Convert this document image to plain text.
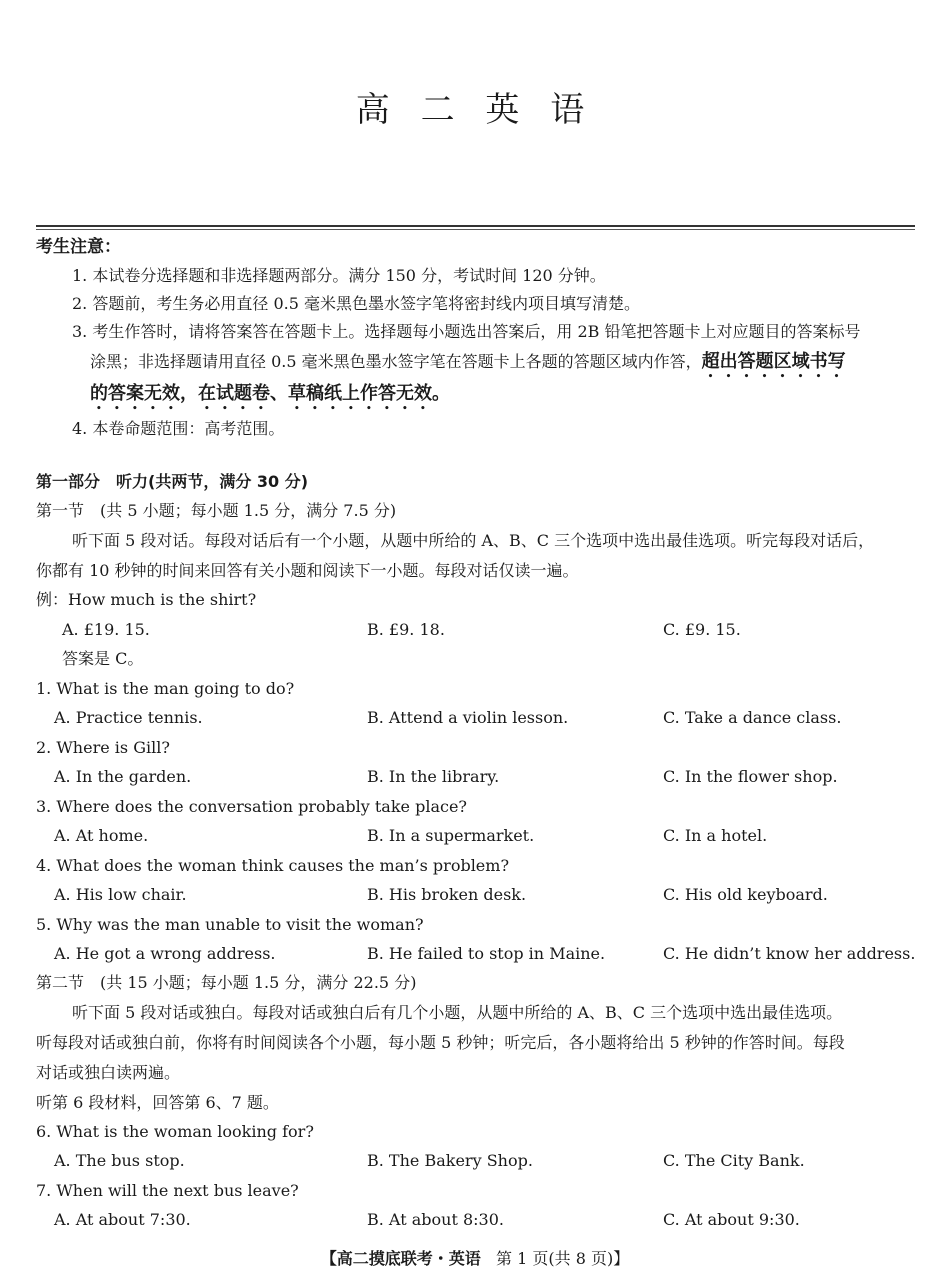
高 二 英 语
考生注意：
1. 本试卷分选择题和非选择题两部分。满分 150 分，考试时间 120 分钟。
2. 答题前，考生务必用直径 0.5 毫米黑色墨水签字笔将密封线内项目填写清楚。
3. 考生作答时，请将答案答在答题卡上。选择题每小题选出答案后，用 2B 铅笔把答题卡上对应题目的答案标号
涂黑；非选择题请用直径 0.5 毫米黑色墨水签字笔在答题卡上各题的答题区域内作答，超出答题区域书写
的答案无效，在试题卷、草稿纸上作答无效。
4. 本卷命题范围：高考范围。
第一部分　听力(共两节，满分 30 分)
第一节　(共 5 小题；每小题 1.5 分，满分 7.5 分)
听下面 5 段对话。每段对话后有一个小题，从题中所给的 A、B、C 三个选项中选出最佳选项。听完每段对话后，
你都有 10 秒钟的时间来回答有关小题和阅读下一小题。每段对话仅读一遍。
例：How much is the shirt?
A. £19. 15.	B. £9. 18.	C. £9. 15.
答案是 C。
1. What is the man going to do?
A. Practice tennis.	B. Attend a violin lesson.	C. Take a dance class.
2. Where is Gill?
A. In the garden.	B. In the library.	C. In the flower shop.
3. Where does the conversation probably take place?
A. At home.	B. In a supermarket.	C. In a hotel.
4. What does the woman think causes the man’s problem?
A. His low chair.	B. His broken desk.	C. His old keyboard.
5. Why was the man unable to visit the woman?
A. He got a wrong address.	B. He failed to stop in Maine.	C. He didn’t know her address.
第二节　(共 15 小题；每小题 1.5 分，满分 22.5 分)
听下面 5 段对话或独白。每段对话或独白后有几个小题，从题中所给的 A、B、C 三个选项中选出最佳选项。
听每段对话或独白前，你将有时间阅读各个小题，每小题 5 秒钟；听完后，各小题将给出 5 秒钟的作答时间。每段
对话或独白读两遍。
听第 6 段材料，回答第 6、7 题。
6. What is the woman looking for?
A. The bus stop.	B. The Bakery Shop.	C. The City Bank.
7. When will the next bus leave?
A. At about 7:30.	B. At about 8:30.	C. At about 9:30.
【高二摸底联考・英语 第 1 页(共 8 页)】
